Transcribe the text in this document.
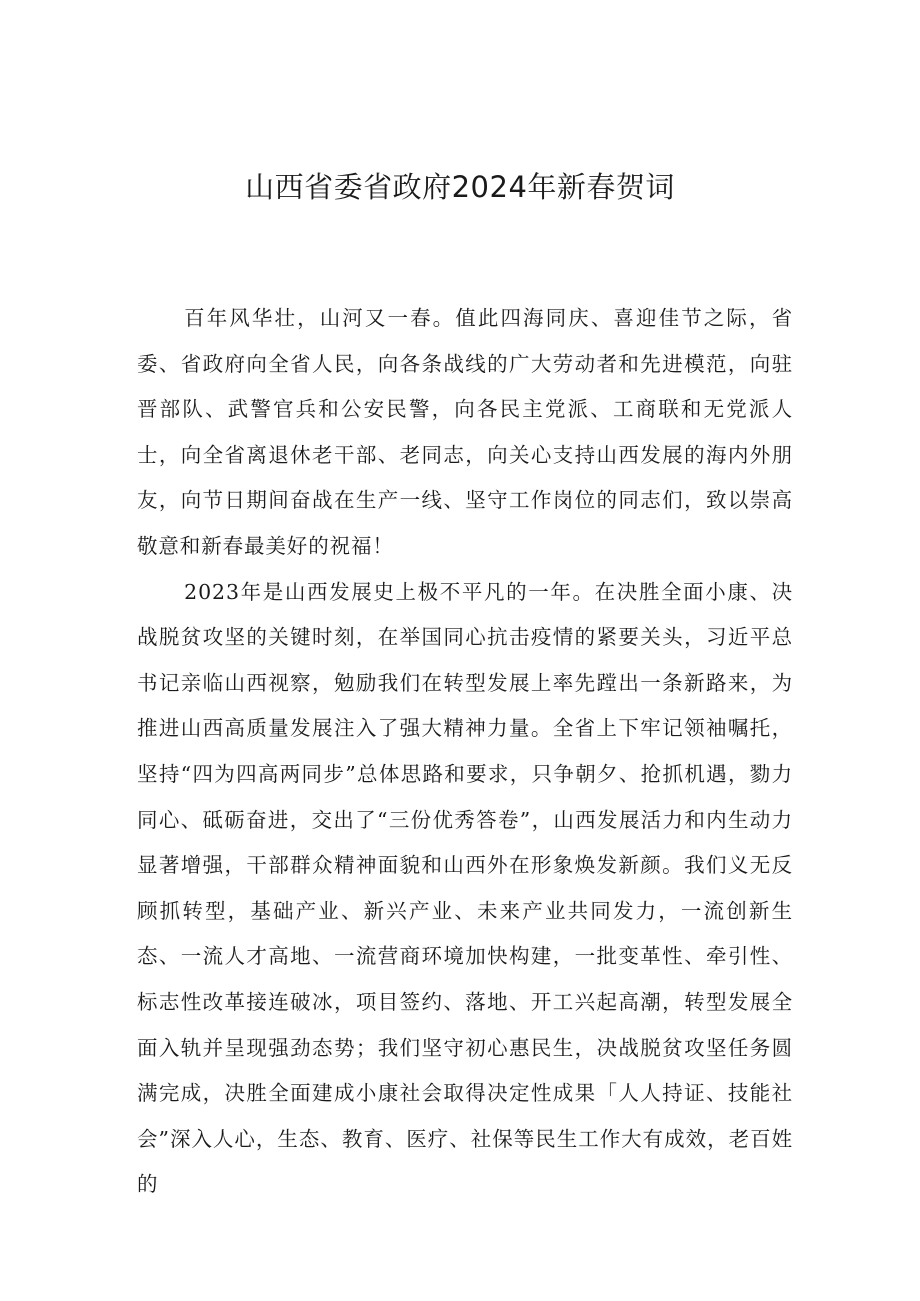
山西省委省政府2024年新春贺词

百年风华壮，山河又一春。值此四海同庆、喜迎佳节之际，省委、省政府向全省人民，向各条战线的广大劳动者和先进模范，向驻晋部队、武警官兵和公安民警，向各民主党派、工商联和无党派人士，向全省离退休老干部、老同志，向关心支持山西发展的海内外朋友，向节日期间奋战在生产一线、坚守工作岗位的同志们，致以崇高敬意和新春最美好的祝福！

2023年是山西发展史上极不平凡的一年。在决胜全面小康、决战脱贫攻坚的关键时刻，在举国同心抗击疫情的紧要关头，习近平总书记亲临山西视察，勉励我们在转型发展上率先蹚出一条新路来，为推进山西高质量发展注入了强大精神力量。全省上下牢记领袖嘱托，坚持“四为四高两同步”总体思路和要求，只争朝夕、抢抓机遇，勠力同心、砥砺奋进，交出了“三份优秀答卷”，山西发展活力和内生动力显著增强，干部群众精神面貌和山西外在形象焕发新颜。我们义无反顾抓转型，基础产业、新兴产业、未来产业共同发力，一流创新生态、一流人才高地、一流营商环境加快构建，一批变革性、牵引性、标志性改革接连破冰，项目签约、落地、开工兴起高潮，转型发展全面入轨并呈现强劲态势；我们坚守初心惠民生，决战脱贫攻坚任务圆满完成，决胜全面建成小康社会取得决定性成果「人人持证、技能社会”深入人心，生态、教育、医疗、社保等民生工作大有成效，老百姓的
